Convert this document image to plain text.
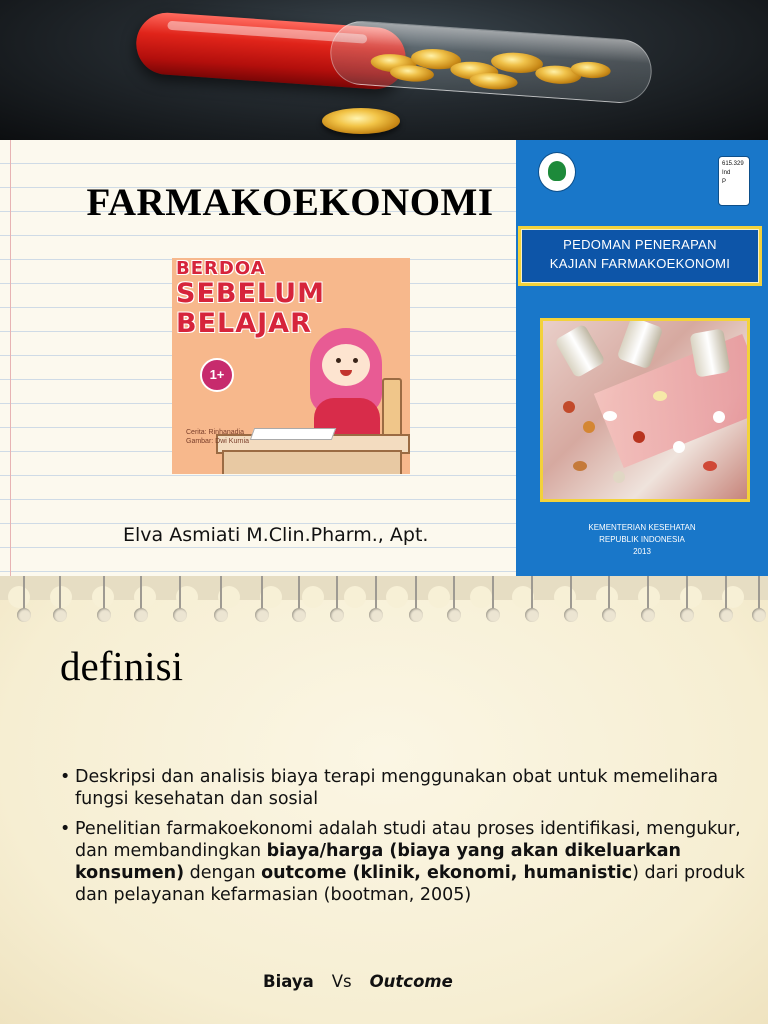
FARMAKOEKONOMI
BERDOA
SEBELUM
BELAJAR
1+
Cerita: Rinhanadia
Gambar: Dwi Kurnia
Elva Asmiati M.Clin.Pharm., Apt.
615.329
Ind
P
PEDOMAN PENERAPAN
KAJIAN FARMAKOEKONOMI
KEMENTERIAN KESEHATAN
REPUBLIK INDONESIA
2013
definisi
• Deskripsi dan analisis biaya terapi menggunakan obat untuk memelihara fungsi kesehatan dan sosial
• Penelitian farmakoekonomi adalah studi atau proses identifikasi, mengukur, dan membandingkan biaya/harga (biaya yang akan dikeluarkan konsumen) dengan outcome (klinik, ekonomi, humanistic) dari produk dan pelayanan kefarmasian (bootman, 2005)
Biaya Vs Outcome
